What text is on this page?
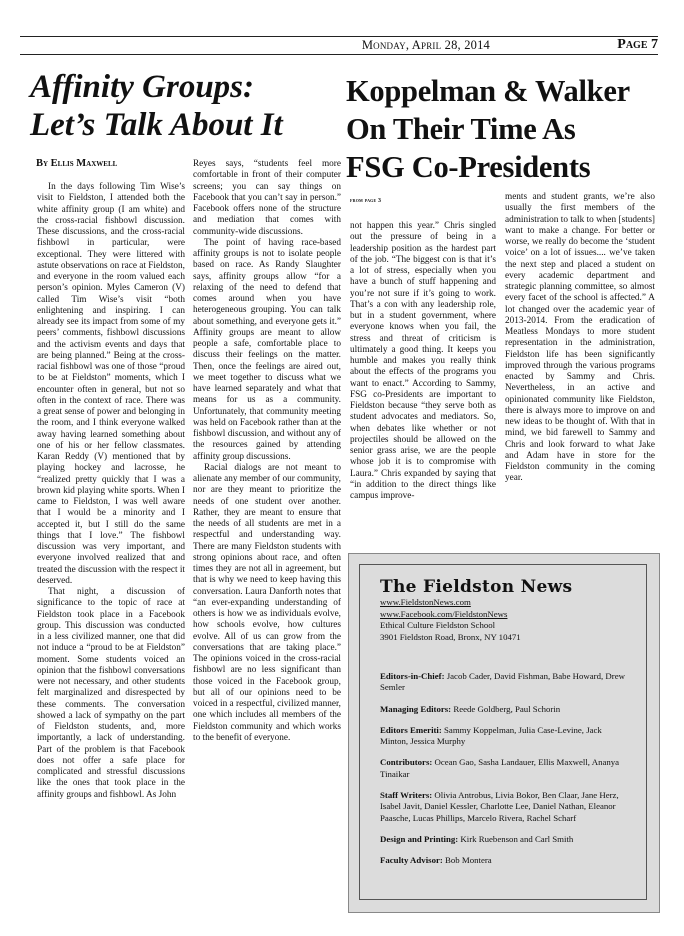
Monday, April 28, 2014	Page 7
Affinity Groups:
Let’s Talk About It
By Ellis Maxwell

In the days following Tim Wise’s visit to Fieldston, I attended both the white affinity group (I am white) and the cross-racial fishbowl discussion. These discussions, and the cross-racial fishbowl in particular, were exceptional. They were littered with astute observations on race at Fieldston, and everyone in the room valued each person’s opinion. Myles Cameron (V) called Tim Wise’s visit “both enlightening and inspiring. I can already see its impact from some of my peers’ comments, fishbowl discussions and the activism events and days that are being planned.” Being at the cross-racial fishbowl was one of those “proud to be at Fieldston” moments, which I encounter often in general, but not so often in the context of race. There was a great sense of power and belonging in the room, and I think everyone walked away having learned something about one of his or her fellow classmates. Karan Reddy (V) mentioned that by playing hockey and lacrosse, he “realized pretty quickly that I was a brown kid playing white sports. When I came to Fieldston, I was well aware that I would be a minority and I accepted it, but I still do the same things that I love.” The fishbowl discussion was very important, and everyone involved realized that and treated the discussion with the respect it deserved.

That night, a discussion of significance to the topic of race at Fieldston took place in a Facebook group. This discussion was conducted in a less civilized manner, one that did not induce a “proud to be at Fieldston” moment. Some students voiced an opinion that the fishbowl conversations were not necessary, and other students felt marginalized and disrespected by these comments. The conversation showed a lack of sympathy on the part of Fieldston students, and, more importantly, a lack of understanding. Part of the problem is that Facebook does not offer a safe place for complicated and stressful discussions like the ones that took place in the affinity groups and fishbowl. As John

Reyes says, “students feel more comfortable in front of their computer screens; you can say things on Facebook that you can’t say in person.” Facebook offers none of the structure and mediation that comes with community-wide discussions.

The point of having race-based affinity groups is not to isolate people based on race. As Randy Slaughter says, affinity groups allow “for a relaxing of the need to defend that comes around when you have heterogeneous grouping. You can talk about something, and everyone gets it.” Affinity groups are meant to allow people a safe, comfortable place to discuss their feelings on the matter. Then, once the feelings are aired out, we meet together to discuss what we have learned separately and what that means for us as a community. Unfortunately, that community meeting was held on Facebook rather than at the fishbowl discussion, and without any of the resources gained by attending affinity group discussions.

Racial dialogs are not meant to alienate any member of our community, nor are they meant to prioritize the needs of one student over another. Rather, they are meant to ensure that the needs of all students are met in a respectful and understanding way. There are many Fieldston students with strong opinions about race, and often times they are not all in agreement, but that is why we need to keep having this conversation. Laura Danforth notes that “an ever-expanding understanding of others is how we as individuals evolve, how schools evolve, how cultures evolve. All of us can grow from the conversations that are taking place.” The opinions voiced in the cross-racial fishbowl are no less significant than those voiced in the Facebook group, but all of our opinions need to be voiced in a respectful, civilized manner, one which includes all members of the Fieldston community and which works to the benefit of everyone.

Koppelman & Walker
On Their Time As
FSG Co-Presidents
from page 3

not happen this year.” Chris singled out the pressure of being in a leadership position as the hardest part of the job. “The biggest con is that it’s a lot of stress, especially when you have a bunch of stuff happening and you’re not sure if it’s going to work. That’s a con with any leadership role, but in a student government, where everyone knows when you fail, the stress and threat of criticism is ultimately a good thing. It keeps you humble and makes you really think about the effects of the programs you want to enact.” According to Sammy, FSG co-Presidents are important to Fieldston because “they serve both as student advocates and mediators. So, when debates like whether or not projectiles should be allowed on the senior grass arise, we are the people whose job it is to compromise with Laura.” Chris expanded by saying that “in addition to the direct things like campus improve-

ments and student grants, we’re also usually the first members of the administration to talk to when [students] want to make a change. For better or worse, we really do become the ‘student voice’ on a lot of issues.... we’ve taken the next step and placed a student on every academic department and strategic planning committee, so almost every facet of the school is affected.” A lot changed over the academic year of 2013-2014. From the eradication of Meatless Mondays to more student representation in the administration, Fieldston life has been significantly improved through the various programs enacted by Sammy and Chris. Nevertheless, in an active and opinionated community like Fieldston, there is always more to improve on and new ideas to be thought of. With that in mind, we bid farewell to Sammy and Chris and look forward to what Jake and Adam have in store for the Fieldston community in the coming year.

The Fieldston News
www.FieldstonNews.com
www.Facebook.com/FieldstonNews
Ethical Culture Fieldston School
3901 Fieldston Road, Bronx, NY 10471
Editors-in-Chief: Jacob Cader, David Fishman, Babe Howard, Drew Semler
Managing Editors: Reede Goldberg, Paul Schorin
Editors Emeriti: Sammy Koppelman, Julia Case-Levine, Jack Minton, Jessica Murphy
Contributors: Ocean Gao, Sasha Landauer, Ellis Maxwell, Ananya Tinaikar
Staff Writers: Olivia Antrobus, Livia Bokor, Ben Claar, Jane Herz, Isabel Javit, Daniel Kessler, Charlotte Lee, Daniel Nathan, Eleanor Paasche, Lucas Phillips, Marcelo Rivera, Rachel Scharf
Design and Printing: Kirk Ruebenson and Carl Smith
Faculty Advisor: Bob Montera
